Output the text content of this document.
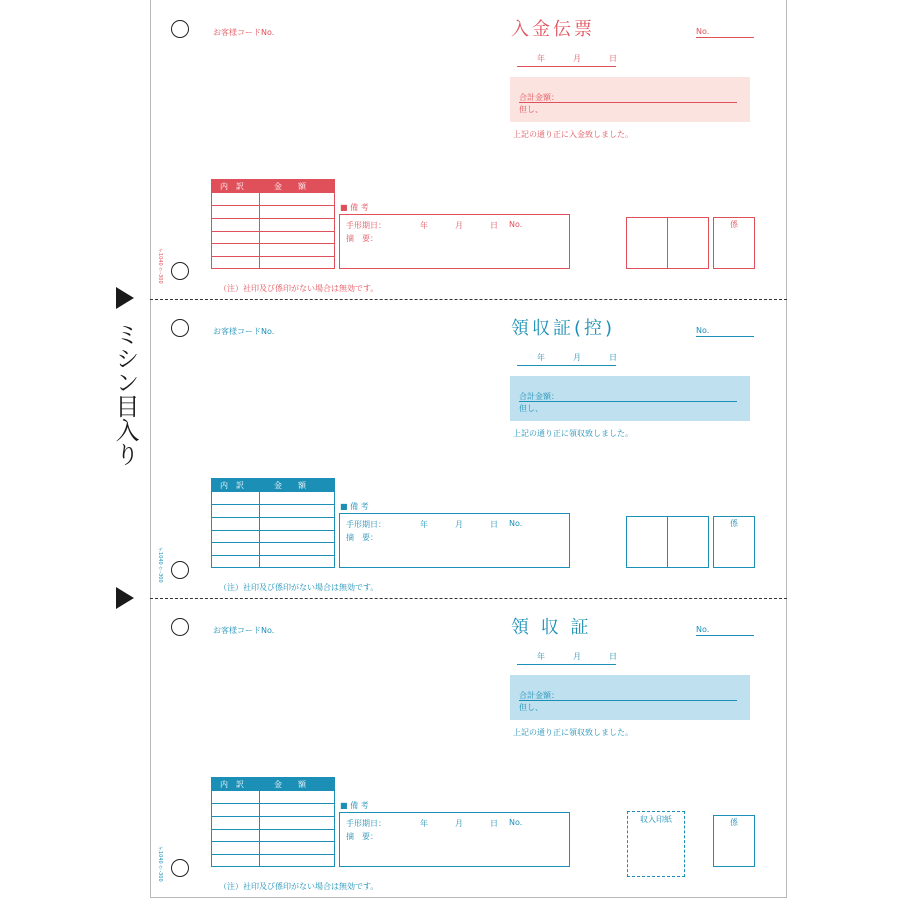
ミシン目入り
テ1040 ウ-300
お客様コードNo.	入金伝票	No.
年	月	日
合計金額：
但し、
上記の通り正に入金致しました。
内　訳	金　　額
■ 備 考
手形期日：	年	月	日 No.
摘　要：
係
（注）社印及び係印がない場合は無効です。
テ1040 ウ-300
お客様コードNo.	領収証(控)	No.
年	月	日
合計金額：
但し、
上記の通り正に領収致しました。
内　訳	金　　額
■ 備 考
手形期日：	年	月	日 No.
摘　要：
係
（注）社印及び係印がない場合は無効です。
テ1040 ウ-300
お客様コードNo.	領 収 証	No.
年	月	日
合計金額：
但し、
上記の通り正に領収致しました。
内　訳	金　　額
■ 備 考
手形期日：	年	月	日 No.
摘　要：
収入印紙	係
（注）社印及び係印がない場合は無効です。
